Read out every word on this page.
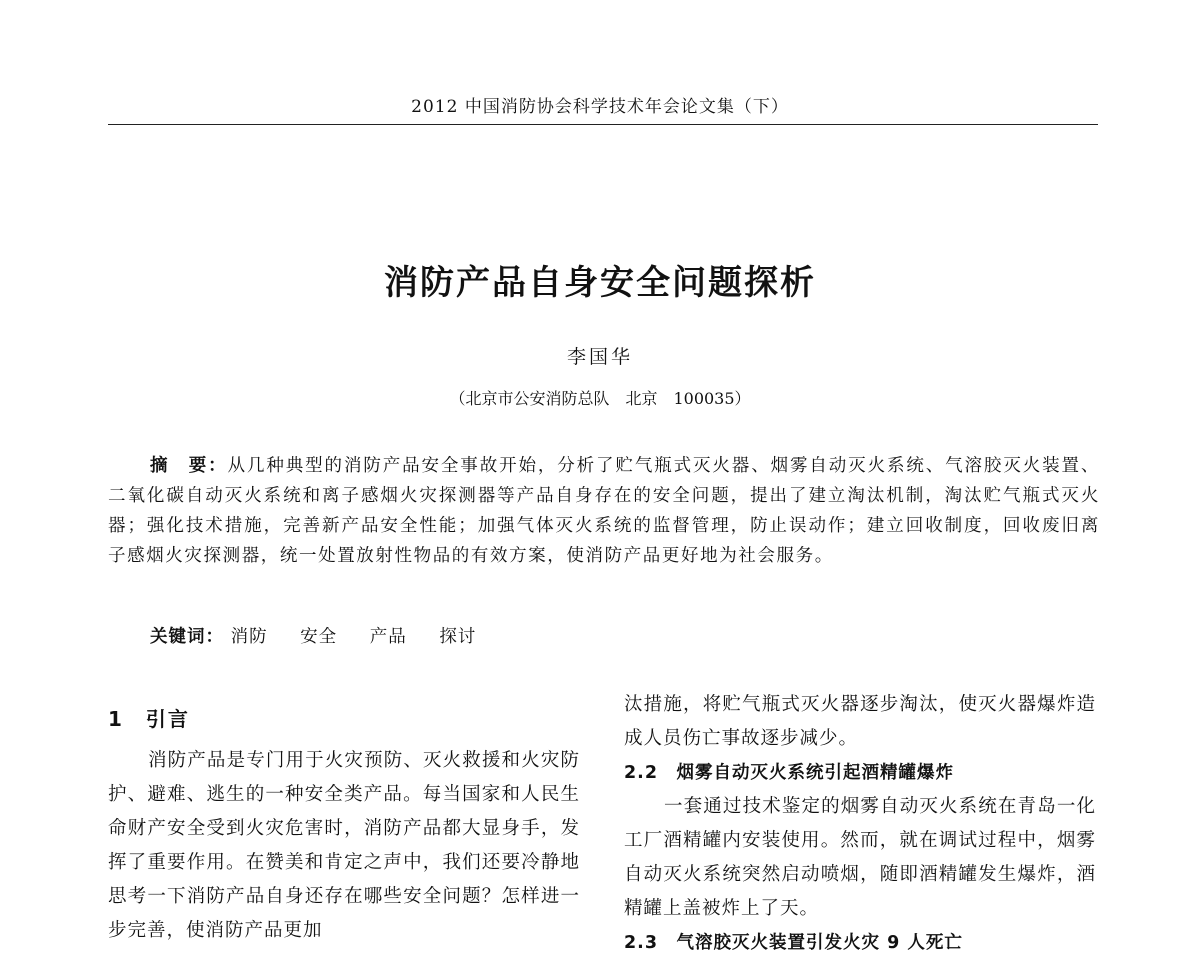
2012 中国消防协会科学技术年会论文集（下）
消防产品自身安全问题探析
李国华
（北京市公安消防总队　北京　100035）

摘　要：从几种典型的消防产品安全事故开始，分析了贮气瓶式灭火器、烟雾自动灭火系统、气溶胶灭火装置、二氧化碳自动灭火系统和离子感烟火灾探测器等产品自身存在的安全问题，提出了建立淘汰机制，淘汰贮气瓶式灭火器；强化技术措施，完善新产品安全性能；加强气体灭火系统的监督管理，防止误动作；建立回收制度，回收废旧离子感烟火灾探测器，统一处置放射性物品的有效方案，使消防产品更好地为社会服务。

关键词： 消防 安全 产品 探讨
1　引言

消防产品是专门用于火灾预防、灭火救援和火灾防护、避难、逃生的一种安全类产品。每当国家和人民生命财产安全受到火灾危害时，消防产品都大显身手，发挥了重要作用。在赞美和肯定之声中，我们还要冷静地思考一下消防产品自身还存在哪些安全问题？怎样进一步完善，使消防产品更加

汰措施，将贮气瓶式灭火器逐步淘汰，使灭火器爆炸造成人员伤亡事故逐步减少。

2.2　烟雾自动灭火系统引起酒精罐爆炸

一套通过技术鉴定的烟雾自动灭火系统在青岛一化工厂酒精罐内安装使用。然而，就在调试过程中，烟雾自动灭火系统突然启动喷烟，随即酒精罐发生爆炸，酒精罐上盖被炸上了天。

2.3　气溶胶灭火装置引发火灾 9 人死亡
